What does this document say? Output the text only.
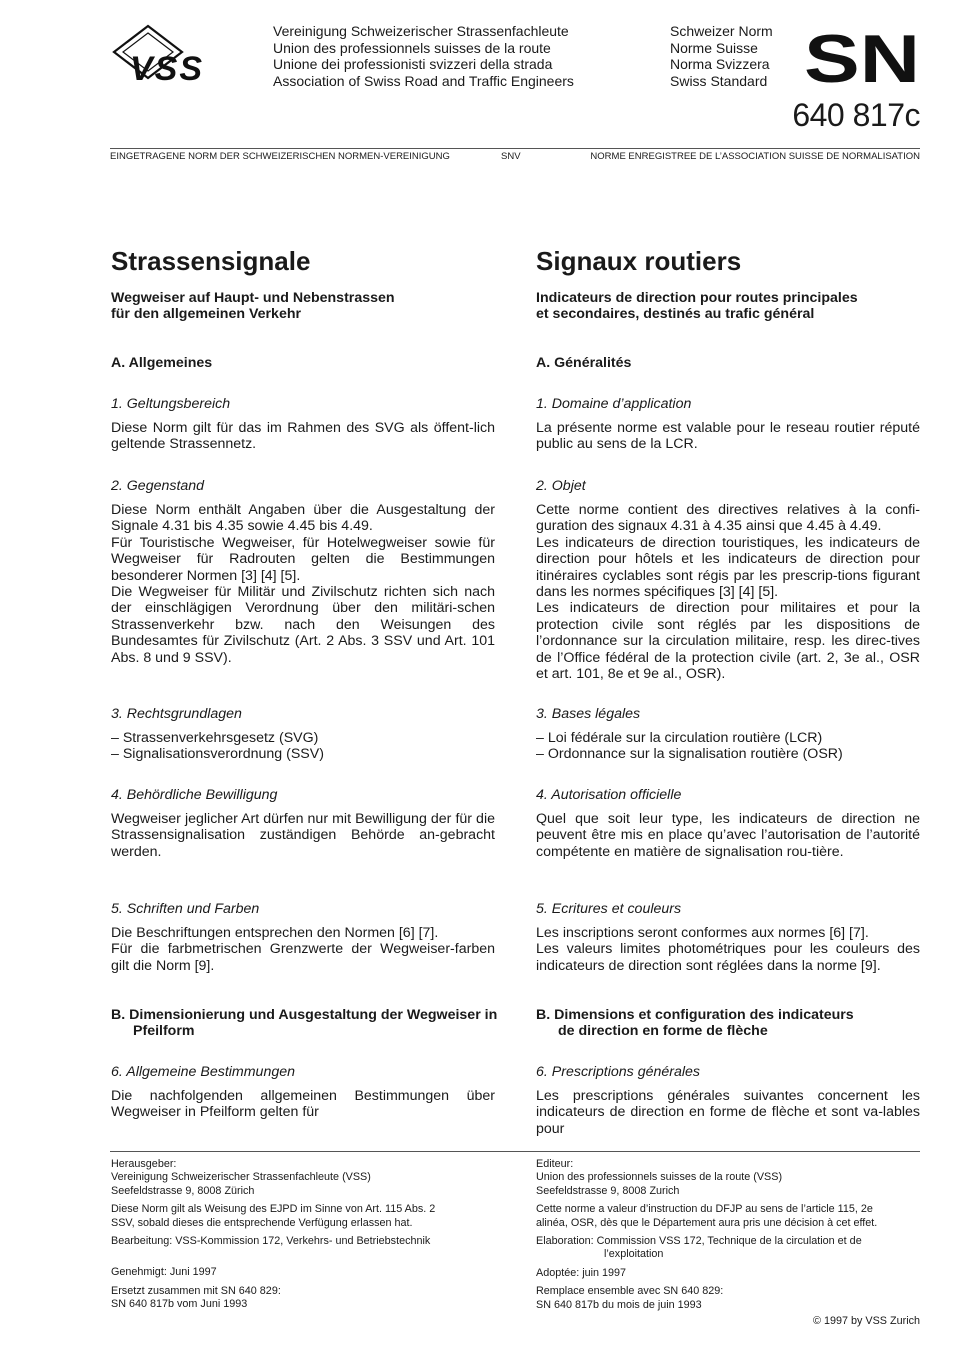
VSS
Vereinigung Schweizerischer Strassenfachleute
Union des professionnels suisses de la route
Unione dei professionisti svizzeri della strada
Association of Swiss Road and Traffic Engineers
Schweizer Norm
Norme Suisse
Norma Svizzera
Swiss Standard SN
640 817c
EINGETRAGENE NORM DER SCHWEIZERISCHEN NORMEN-VEREINIGUNG	SNV	NORME ENREGISTREE DE L’ASSOCIATION SUISSE DE NORMALISATION
Strassensignale
Wegweiser auf Haupt- und Nebenstrassen
für den allgemeinen Verkehr
A. Allgemeines
1. Geltungsbereich
Diese Norm gilt für das im Rahmen des SVG als öffent-lich geltende Strassennetz.
2. Gegenstand
Diese Norm enthält Angaben über die Ausgestaltung der Signale 4.31 bis 4.35 sowie 4.45 bis 4.49.
Für Touristische Wegweiser, für Hotelwegweiser sowie für Wegweiser für Radrouten gelten die Bestimmungen besonderer Normen [3] [4] [5].
Die Wegweiser für Militär und Zivilschutz richten sich nach der einschlägigen Verordnung über den militäri-schen Strassenverkehr bzw. nach den Weisungen des Bundesamtes für Zivilschutz (Art. 2 Abs. 3 SSV und Art. 101 Abs. 8 und 9 SSV).
3. Rechtsgrundlagen
– Strassenverkehrsgesetz (SVG)
– Signalisationsverordnung (SSV)
4. Behördliche Bewilligung
Wegweiser jeglicher Art dürfen nur mit Bewilligung der für die Strassensignalisation zuständigen Behörde an-gebracht werden.
5. Schriften und Farben
Die Beschriftungen entsprechen den Normen [6] [7].
Für die farbmetrischen Grenzwerte der Wegweiser-farben gilt die Norm [9].
B. Dimensionierung und Ausgestaltung der Wegweiser in Pfeilform
6. Allgemeine Bestimmungen
Die nachfolgenden allgemeinen Bestimmungen über Wegweiser in Pfeilform gelten für
Signaux routiers
Indicateurs de direction pour routes principales
et secondaires, destinés au trafic général
A. Généralités
1. Domaine d’application
La présente norme est valable pour le reseau routier réputé public au sens de la LCR.
2. Objet
Cette norme contient des directives relatives à la confi-guration des signaux 4.31 à 4.35 ainsi que 4.45 à 4.49.
Les indicateurs de direction touristiques, les indicateurs de direction pour hôtels et les indicateurs de direction pour itinéraires cyclables sont régis par les prescrip-tions figurant dans les normes spécifiques [3] [4] [5].
Les indicateurs de direction pour militaires et pour la protection civile sont réglés par les dispositions de l’ordonnance sur la circulation militaire, resp. les direc-tives de l’Office fédéral de la protection civile (art. 2, 3e al., OSR et art. 101, 8e et 9e al., OSR).
3. Bases légales
– Loi fédérale sur la circulation routière (LCR)
– Ordonnance sur la signalisation routière (OSR)
4. Autorisation officielle
Quel que soit leur type, les indicateurs de direction ne peuvent être mis en place qu’avec l’autorisation de l’autorité compétente en matière de signalisation rou-tière.
5. Ecritures et couleurs
Les inscriptions seront conformes aux normes [6] [7].
Les valeurs limites photométriques pour les couleurs des indicateurs de direction sont réglées dans la norme [9].
B. Dimensions et configuration des indicateurs
de direction en forme de flèche
6. Prescriptions générales
Les prescriptions générales suivantes concernent les indicateurs de direction en forme de flèche et sont va-lables pour
Herausgeber:
Vereinigung Schweizerischer Strassenfachleute (VSS)
Seefeldstrasse 9, 8008 Zürich
Diese Norm gilt als Weisung des EJPD im Sinne von Art. 115 Abs. 2
SSV, sobald dieses die entsprechende Verfügung erlassen hat.
Bearbeitung: VSS-Kommission 172, Verkehrs- und Betriebstechnik
Genehmigt: Juni 1997
Ersetzt zusammen mit SN 640 829:
SN 640 817b vom Juni 1993
Editeur:
Union des professionnels suisses de la route (VSS)
Seefeldstrasse 9, 8008 Zurich
Cette norme a valeur d’instruction du DFJP au sens de l’article 115, 2e
alinéa, OSR, dès que le Département aura pris une décision à cet effet.
Elaboration: Commission VSS 172, Technique de la circulation et de
l’exploitation
Adoptée: juin 1997
Remplace ensemble avec SN 640 829:
SN 640 817b du mois de juin 1993
© 1997 by VSS Zurich
